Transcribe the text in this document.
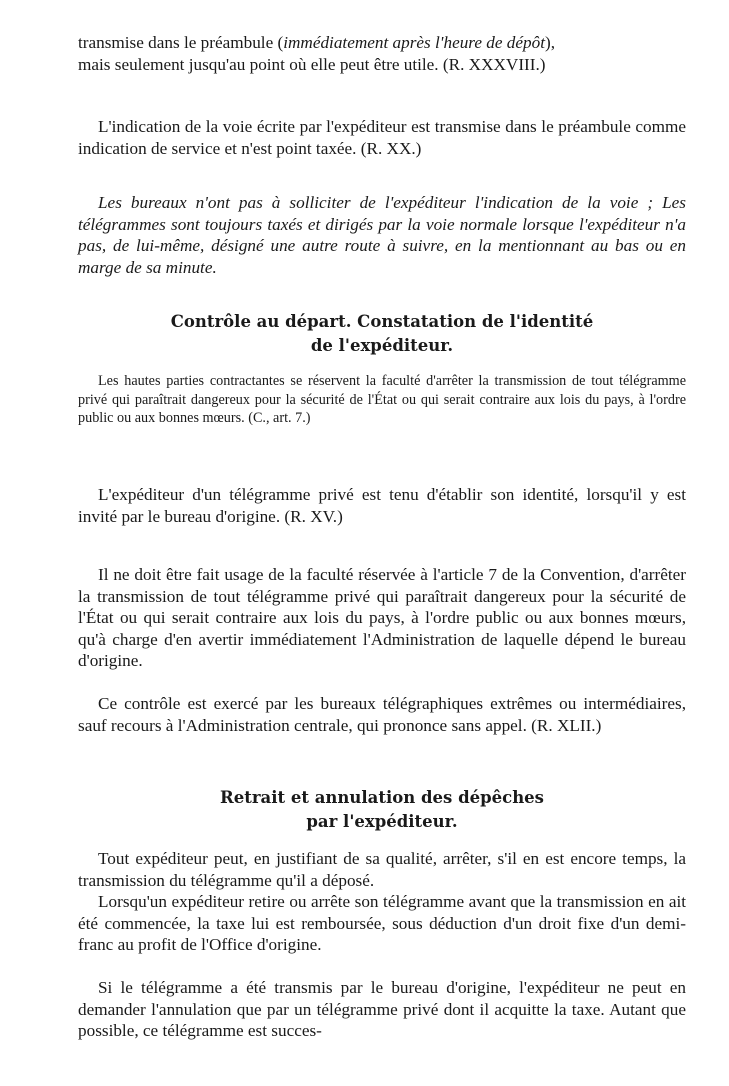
transmise dans le préambule (immédiatement après l'heure de dépôt),
mais seulement jusqu'au point où elle peut être utile. (R. XXXVIII.)

L'indication de la voie écrite par l'expéditeur est transmise dans le préambule comme indication de service et n'est point taxée. (R. XX.)

Les bureaux n'ont pas à solliciter de l'expéditeur l'indication de la voie ; Les télégrammes sont toujours taxés et dirigés par la voie normale lorsque l'expéditeur n'a pas, de lui-même, désigné une autre route à suivre, en la mentionnant au bas ou en marge de sa minute.

Contrôle au départ. Constatation de l'identité
de l'expéditeur.

Les hautes parties contractantes se réservent la faculté d'arrêter la transmission de tout télégramme privé qui paraîtrait dangereux pour la sécurité de l'État ou qui serait contraire aux lois du pays, à l'ordre public ou aux bonnes mœurs. (C., art. 7.)

L'expéditeur d'un télégramme privé est tenu d'établir son identité, lorsqu'il y est invité par le bureau d'origine. (R. XV.)

Il ne doit être fait usage de la faculté réservée à l'article 7 de la Convention, d'arrêter la transmission de tout télégramme privé qui paraîtrait dangereux pour la sécurité de l'État ou qui serait contraire aux lois du pays, à l'ordre public ou aux bonnes mœurs, qu'à charge d'en avertir immédiatement l'Administration de laquelle dépend le bureau d'origine.

Ce contrôle est exercé par les bureaux télégraphiques extrêmes ou intermédiaires, sauf recours à l'Administration centrale, qui prononce sans appel. (R. XLII.)

Retrait et annulation des dépêches
par l'expéditeur.

Tout expéditeur peut, en justifiant de sa qualité, arrêter, s'il en est encore temps, la transmission du télégramme qu'il a déposé.

Lorsqu'un expéditeur retire ou arrête son télégramme avant que la transmission en ait été commencée, la taxe lui est remboursée, sous déduction d'un droit fixe d'un demi-franc au profit de l'Office d'origine.

Si le télégramme a été transmis par le bureau d'origine, l'expéditeur ne peut en demander l'annulation que par un télégramme privé dont il acquitte la taxe. Autant que possible, ce télégramme est succes-
